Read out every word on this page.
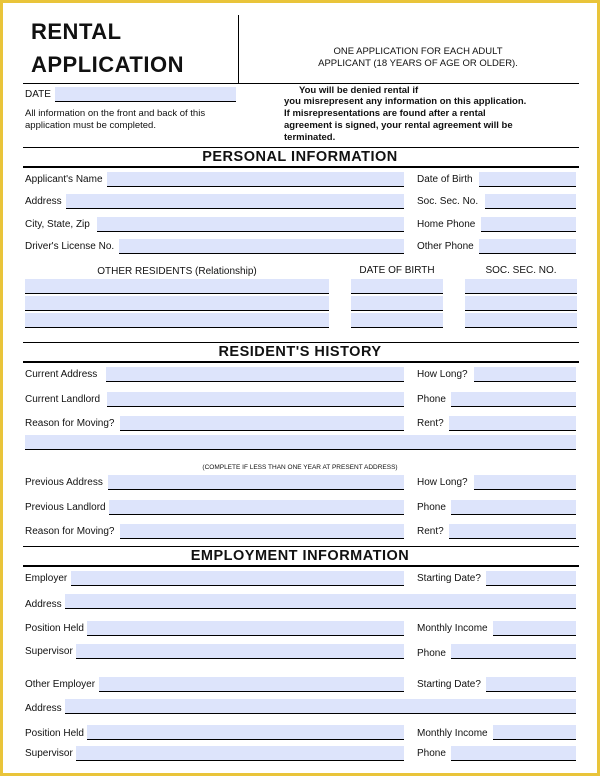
RENTAL
APPLICATION
ONE APPLICATION FOR EACH ADULT
APPLICANT (18 YEARS OF AGE OR OLDER).
DATE
All information on the front and back of this
application must be completed.
You will be denied rental if
you misrepresent any information on this application.
If misrepresentations are found after a rental
agreement is signed, your rental agreement will be
terminated.
PERSONAL INFORMATION
Applicant's Name	Date of Birth
Address	Soc. Sec. No.
City, State, Zip	Home Phone
Driver's License No.	Other Phone
OTHER RESIDENTS (Relationship)	DATE OF BIRTH	SOC. SEC. NO.
RESIDENT'S HISTORY
Current Address	How Long?
Current Landlord	Phone
Reason for Moving?	Rent?
(COMPLETE IF LESS THAN ONE YEAR AT PRESENT ADDRESS)
Previous Address	How Long?
Previous Landlord	Phone
Reason for Moving?	Rent?
EMPLOYMENT INFORMATION
Employer	Starting Date?
Address
Position Held	Monthly Income
Supervisor	Phone
Other Employer	Starting Date?
Address
Position Held	Monthly Income
Supervisor	Phone
